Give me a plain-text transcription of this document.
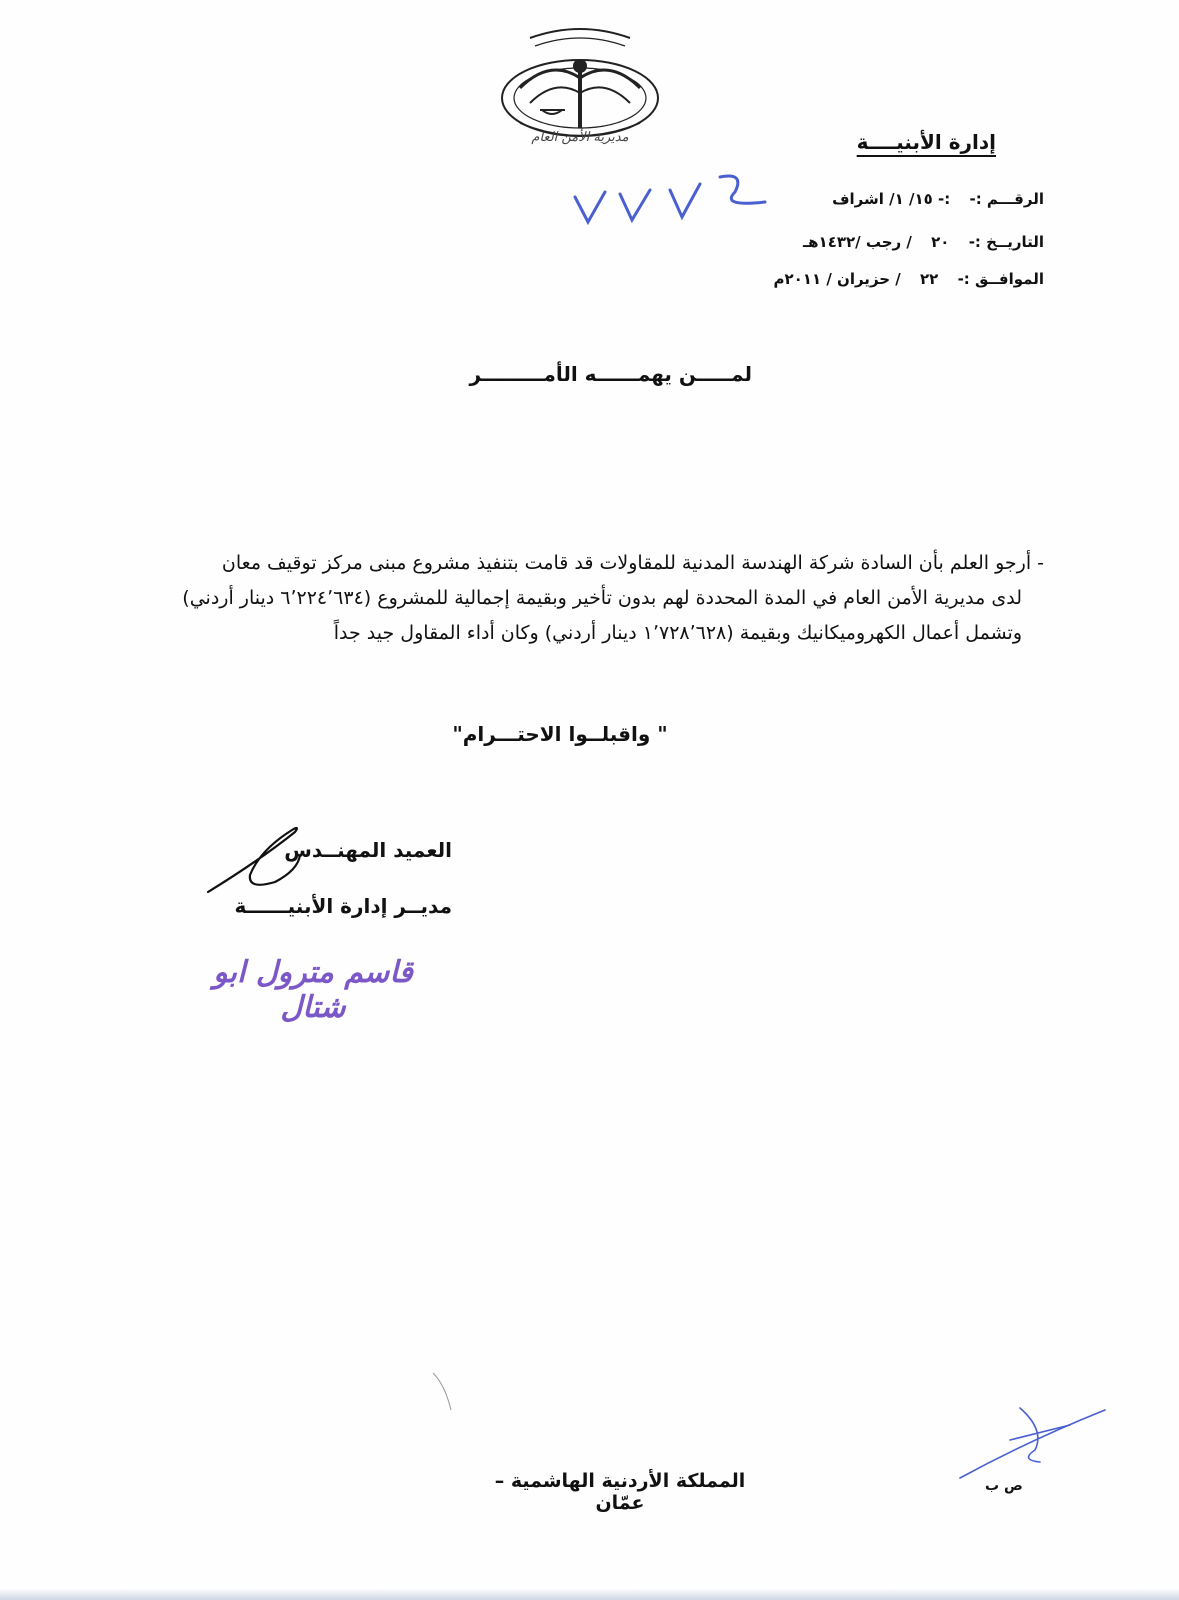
مديرية الأمن العام	إدارة الأبنيــــة
الرقـــم :- :- ١٥/ ١/ اشراف
التاريــخ :- ٢٠ / رجب /١٤٣٢هـ
الموافــق :- ٢٢ / حزيران / ٢٠١١م
لمـــــن يهمــــــه الأمـــــــــر
- أرجو العلم بأن السادة شركة الهندسة المدنية للمقاولات قد قامت بتنفيذ مشروع مبنى مركز توقيف معان
لدى مديرية الأمن العام في المدة المحددة لهم بدون تأخير وبقيمة إجمالية للمشروع (٦٬٢٢٤٬٦٣٤ دينار أردني)
وتشمل أعمال الكهروميكانيك وبقيمة (١٬٧٢٨٬٦٢٨ دينار أردني) وكان أداء المقاول جيد جداً
" واقبلــوا الاحتـــرام"
العميد المهنــدس
مديــر إدارة الأبنيــــــة
قاسم مترول ابو شتال
المملكة الأردنية الهاشمية – عمّان
ص ب
